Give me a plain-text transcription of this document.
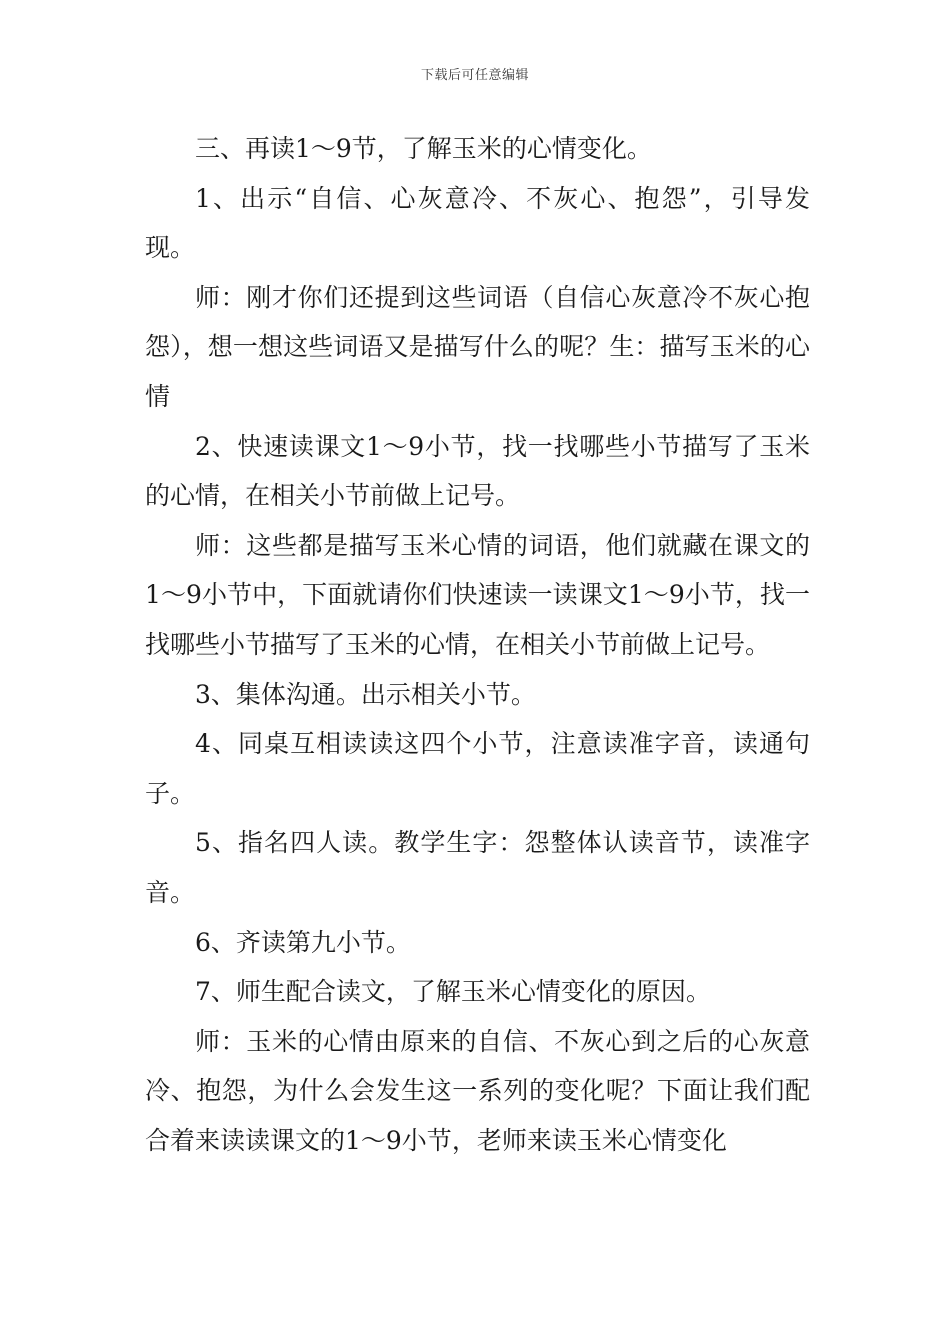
下载后可任意编辑

三、再读1～9节，了解玉米的心情变化。

1、出示“自信、心灰意冷、不灰心、抱怨”，引导发现。

师：刚才你们还提到这些词语（自信心灰意冷不灰心抱怨），想一想这些词语又是描写什么的呢？生：描写玉米的心情

2、快速读课文1～9小节，找一找哪些小节描写了玉米的心情，在相关小节前做上记号。

师：这些都是描写玉米心情的词语，他们就藏在课文的1～9小节中，下面就请你们快速读一读课文1～9小节，找一找哪些小节描写了玉米的心情，在相关小节前做上记号。

3、集体沟通。出示相关小节。

4、同桌互相读读这四个小节，注意读准字音，读通句子。

5、指名四人读。教学生字：怨整体认读音节，读准字音。

6、齐读第九小节。

7、师生配合读文，了解玉米心情变化的原因。

师：玉米的心情由原来的自信、不灰心到之后的心灰意冷、抱怨，为什么会发生这一系列的变化呢？下面让我们配合着来读读课文的1～9小节，老师来读玉米心情变化
